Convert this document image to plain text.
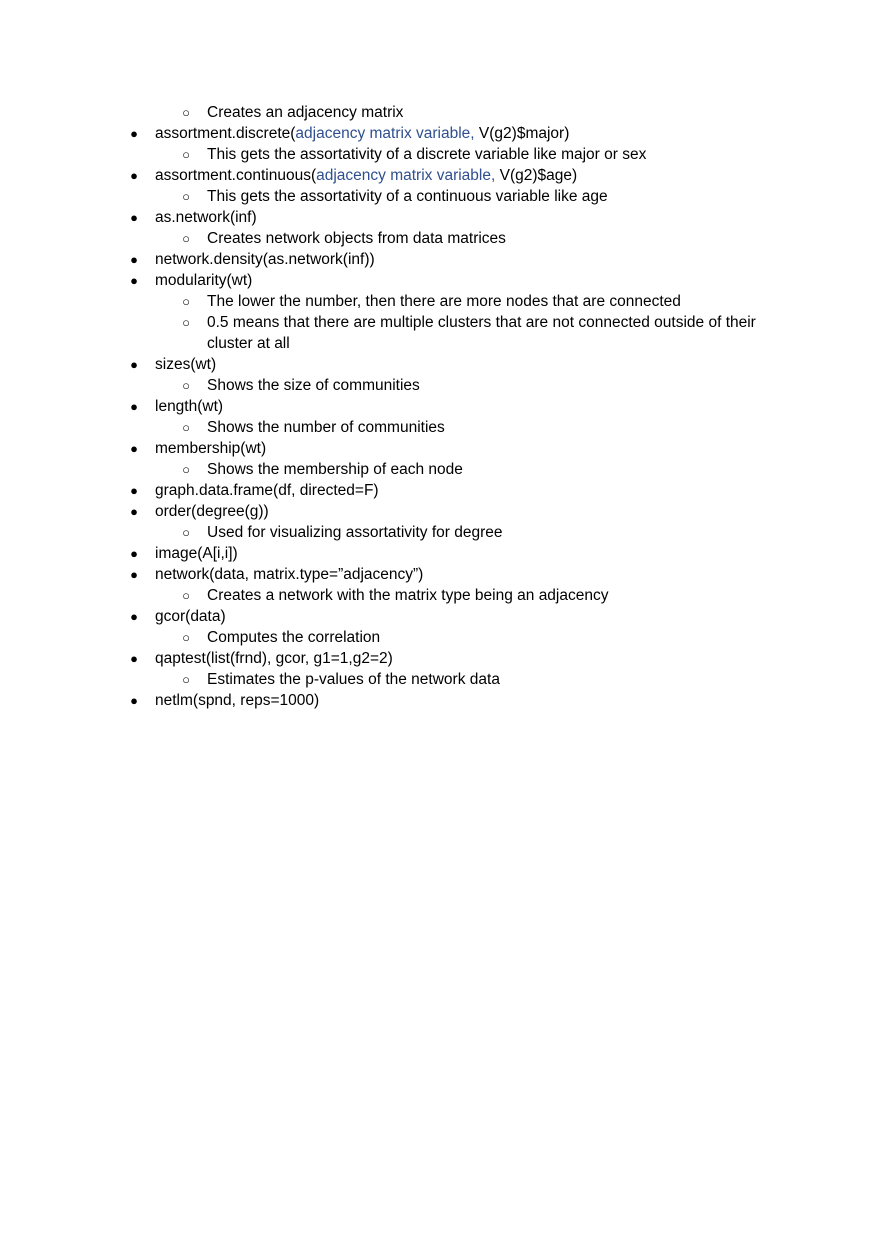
○	Creates an adjacency matrix
●	assortment.discrete(adjacency matrix variable, V(g2)$major)
○	This gets the assortativity of a discrete variable like major or sex
●	assortment.continuous(adjacency matrix variable, V(g2)$age)
○	This gets the assortativity of a continuous variable like age
●	as.network(inf)
○	Creates network objects from data matrices
●	network.density(as.network(inf))
●	modularity(wt)
○	The lower the number, then there are more nodes that are connected
○	0.5 means that there are multiple clusters that are not connected outside of their cluster at all
●	sizes(wt)
○	Shows the size of communities
●	length(wt)
○	Shows the number of communities
●	membership(wt)
○	Shows the membership of each node
●	graph.data.frame(df, directed=F)
●	order(degree(g))
○	Used for visualizing assortativity for degree
●	image(A[i,i])
●	network(data, matrix.type=”adjacency”)
○	Creates a network with the matrix type being an adjacency
●	gcor(data)
○	Computes the correlation
●	qaptest(list(frnd), gcor, g1=1,g2=2)
○	Estimates the p-values of the network data
●	netlm(spnd, reps=1000)
